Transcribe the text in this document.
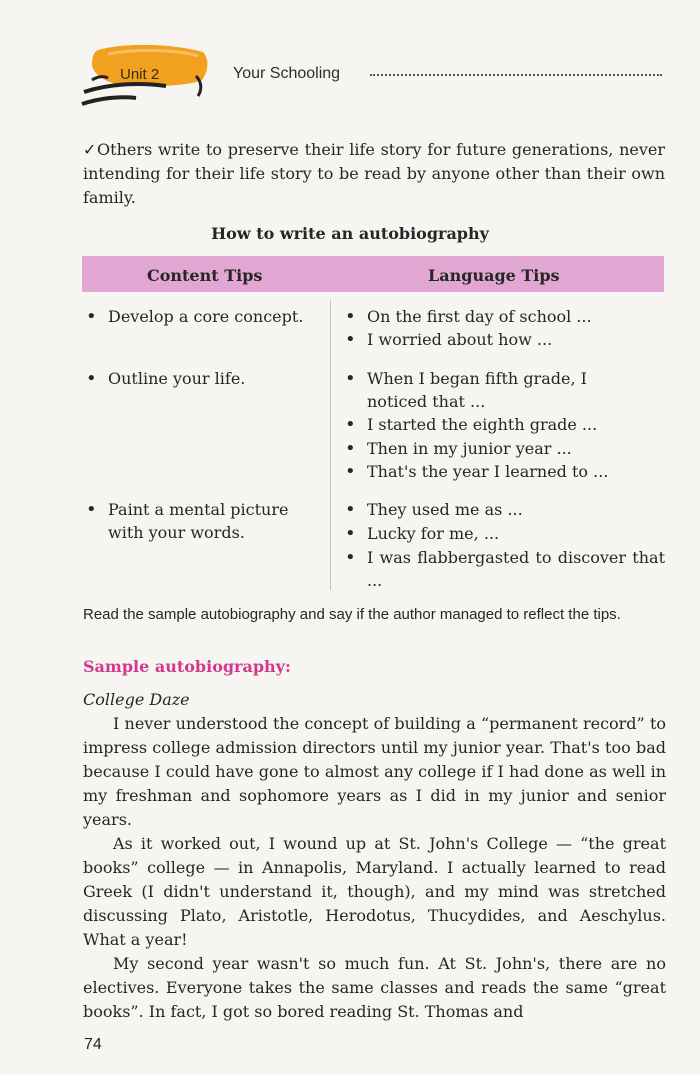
Unit 2	Your Schooling
✓Others write to preserve their life story for future generations, never intending for their life story to be read by anyone other than their own family.
How to write an autobiography
Content Tips	Language Tips
• Develop a core concept.
• Outline your life.
• Paint a mental picture with your words.
• On the first day of school ...
• I worried about how ...
• When I began fifth grade, I noticed that ...
• I started the eighth grade ...
• Then in my junior year ...
• That's the year I learned to ...
• They used me as ...
• Lucky for me, ...
• I was flabbergasted to discover that ...
Read the sample autobiography and say if the author managed to reflect the tips.
Sample autobiography:
College Daze

I never understood the concept of building a “permanent record” to impress college admission directors until my junior year. That's too bad because I could have gone to almost any college if I had done as well in my freshman and sophomore years as I did in my junior and senior years.

As it worked out, I wound up at St. John's College — “the great books” college — in Annapolis, Maryland. I actually learned to read Greek (I didn't understand it, though), and my mind was stretched discussing Plato, Aristotle, Herodotus, Thucydides, and Aeschylus. What a year!

My second year wasn't so much fun. At St. John's, there are no electives. Everyone takes the same classes and reads the same “great books”. In fact, I got so bored reading St. Thomas and

74
